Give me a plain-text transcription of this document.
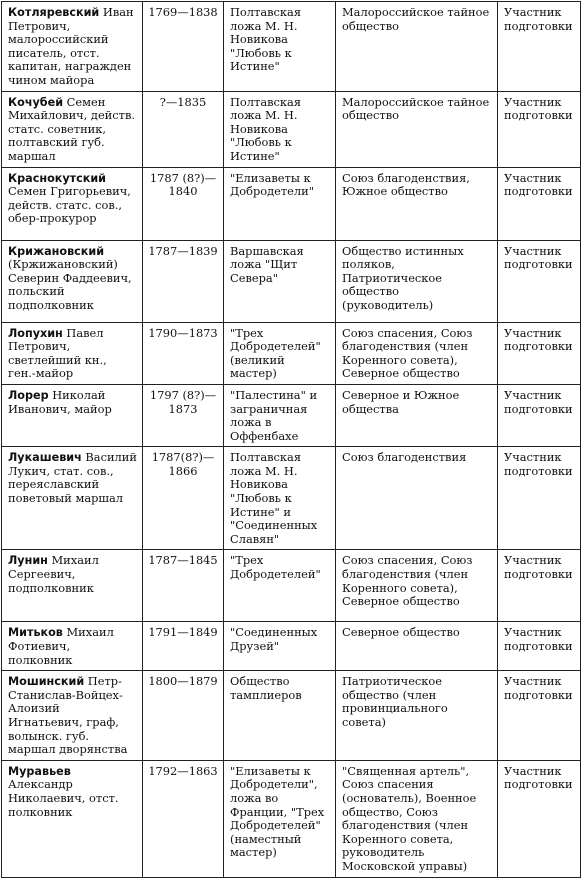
Котляревский Иван Петрович, малороссийский писатель, отст. капитан, награжден чином майора	1769—1838	Полтавская ложа М. Н. Новикова "Любовь к Истине"	Малороссийское тайное общество	Участник подготовки
Кочубей Семен Михайлович, действ. статс. советник, полтавский губ. маршал	?—1835	Полтавская ложа М. Н. Новикова "Любовь к Истине"	Малороссийское тайное общество	Участник подготовки
КраснокутскийСемен Григорьевич, действ. статс. сов., обер-прокурор	1787 (8?)—1840	"Елизаветы к Добродетели"	Союз благоденствия, Южное общество	Участник подготовки
Крижановский(Кржижановский) Северин Фаддеевич, польский подполковник	1787—1839	Варшавская ложа "Щит Севера"	Общество истинных поляков, Патриотическое общество (руководитель)	Участник подготовки
Лопухин Павел Петрович, светлейший кн., ген.-майор	1790—1873	"Трех Добродетелей" (великий мастер)	Союз спасения, Союз благоденствия (член Коренного совета), Северное общество	Участник подготовки
Лорер Николай Иванович, майор	1797 (8?)—1873	"Палестина" и заграничная ложа в Оффенбахе	Северное и Южное общества	Участник подготовки
Лукашевич Василий Лукич, стат. сов., переяславский поветовый маршал	1787(8?)—1866	Полтавская ложа М. Н. Новикова "Любовь к Истине" и "Соединенных Славян"	Союз благоденствия	Участник подготовки
Лунин Михаил Сергеевич, подполковник	1787—1845	"Трех Добродетелей"	Союз спасения, Союз благоденствия (член Коренного совета), Северное общество	Участник подготовки
Митьков Михаил Фотиевич, полковник	1791—1849	"Соединенных Друзей"	Северное общество	Участник подготовки
Мошинский Петр-Станислав-Войцех-Алоизий Игнатьевич, граф, волынск. губ. маршал дворянства	1800—1879	Общество тамплиеров	Патриотическое общество (член провинциального совета)	Участник подготовки
МуравьевАлександр Николаевич, отст. полковник	1792—1863	"Елизаветы к Добродетели", ложа во Франции, "Трех Добродетелей" (наместный мастер)	"Священная артель", Союз спасения (основатель), Военное общество, Союз благоденствия (член Коренного совета, руководитель Московской управы)	Участник подготовки
